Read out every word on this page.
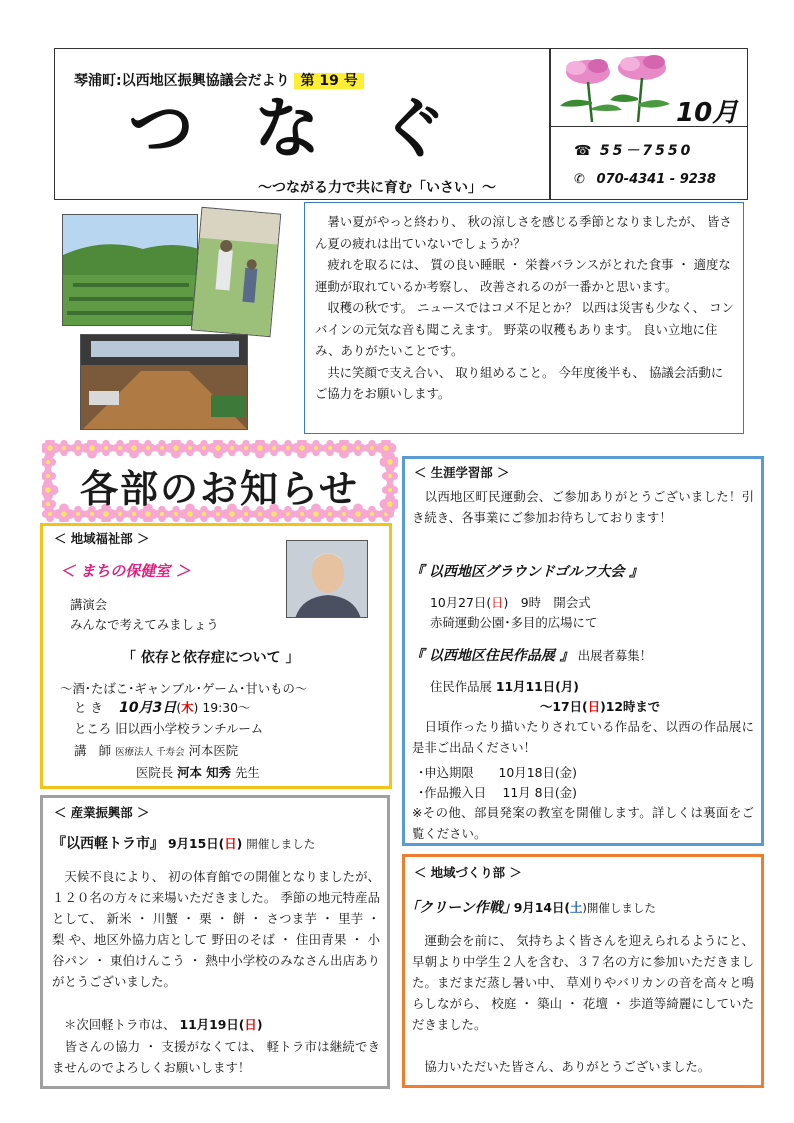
琴浦町:以西地区振興協議会だより 第 19 号
つなぐ
～つながる力で共に育む「いさい」～
10月
☎ 55－7550
✆ 070-4341 - 9238

　暑い夏がやっと終わり、 秋の涼しさを感じる季節となりましたが、 皆さん夏の疲れは出ていないでしょうか？

　疲れを取るには、 質の良い睡眠 ・ 栄養バランスがとれた食事 ・ 適度な運動が取れているか考察し、 改善されるのが一番かと思います。

　収穫の秋です。 ニュースではコメ不足とか？ 以西は災害も少なく、 コンバインの元気な音も聞こえます。 野菜の収穫もあります。 良い立地に住み、ありがたいことです。

　共に笑顔で支え合い、 取り組めること。 今年度後半も、 協議会活動にご協力をお願いします。

各部のお知らせ
＜ 地域福祉部 ＞
＜ まちの保健室 ＞
講演会
みんなで考えてみましょう
「 依存と依存症について 」
～酒･たばこ･ギャンブル･ゲーム･甘いもの～
と き　 10月3日(木) 19:30～
ところ 旧以西小学校ランチルーム
講　師 医療法人 千寿会 河本医院
医院長 河本 知秀 先生
＜ 産業振興部 ＞
『以西軽トラ市』 9月15日(日) 開催しました
　天候不良により、 初の体育館での開催となりましたが、 １２０名の方々に来場いただきました。 季節の地元特産品として、 新米 ・ 川蟹 ・ 栗 ・ 餅 ・ さつま芋 ・ 里芋 ・ 梨 や、地区外協力店として 野田のそば ・ 住田青果 ・ 小谷パン ・ 東伯けんこう ・ 熱中小学校のみなさん出店ありがとうございました。
＊次回軽トラ市は、 11月19日(日)
　皆さんの協力 ・ 支援がなくては、 軽トラ市は継続できませんのでよろしくお願いします！
＜ 生涯学習部 ＞
　以西地区町民運動会、ご参加ありがとうございました！引き続き、各事業にご参加お待ちしております！
『 以西地区グラウンドゴルフ大会 』
10月27日(日)　9時　開会式
赤碕運動公園･多目的広場にて
『 以西地区住民作品展 』 出展者募集！
住民作品展 11月11日(月)
～17日(日)12時まで
　日頃作ったり描いたりされている作品を、以西の作品展に是非ご出品ください！
･申込期限　　10月18日(金)
･作品搬入日　 11月 8日(金)
※その他、部員発案の教室を開催します。詳しくは裏面をご覧ください。
＜ 地域づくり部 ＞
｢クリーン作戦｣ 9月14日(土)開催しました
　運動会を前に、 気持ちよく皆さんを迎えられるようにと、 早朝より中学生２人を含む、３７名の方に参加いただきました。まだまだ蒸し暑い中、 草刈りやバリカンの音を高々と鳴らしながら、 校庭 ・ 築山 ・ 花壇 ・ 歩道等綺麗にしていただきました。
　協力いただいた皆さん、ありがとうございました。
